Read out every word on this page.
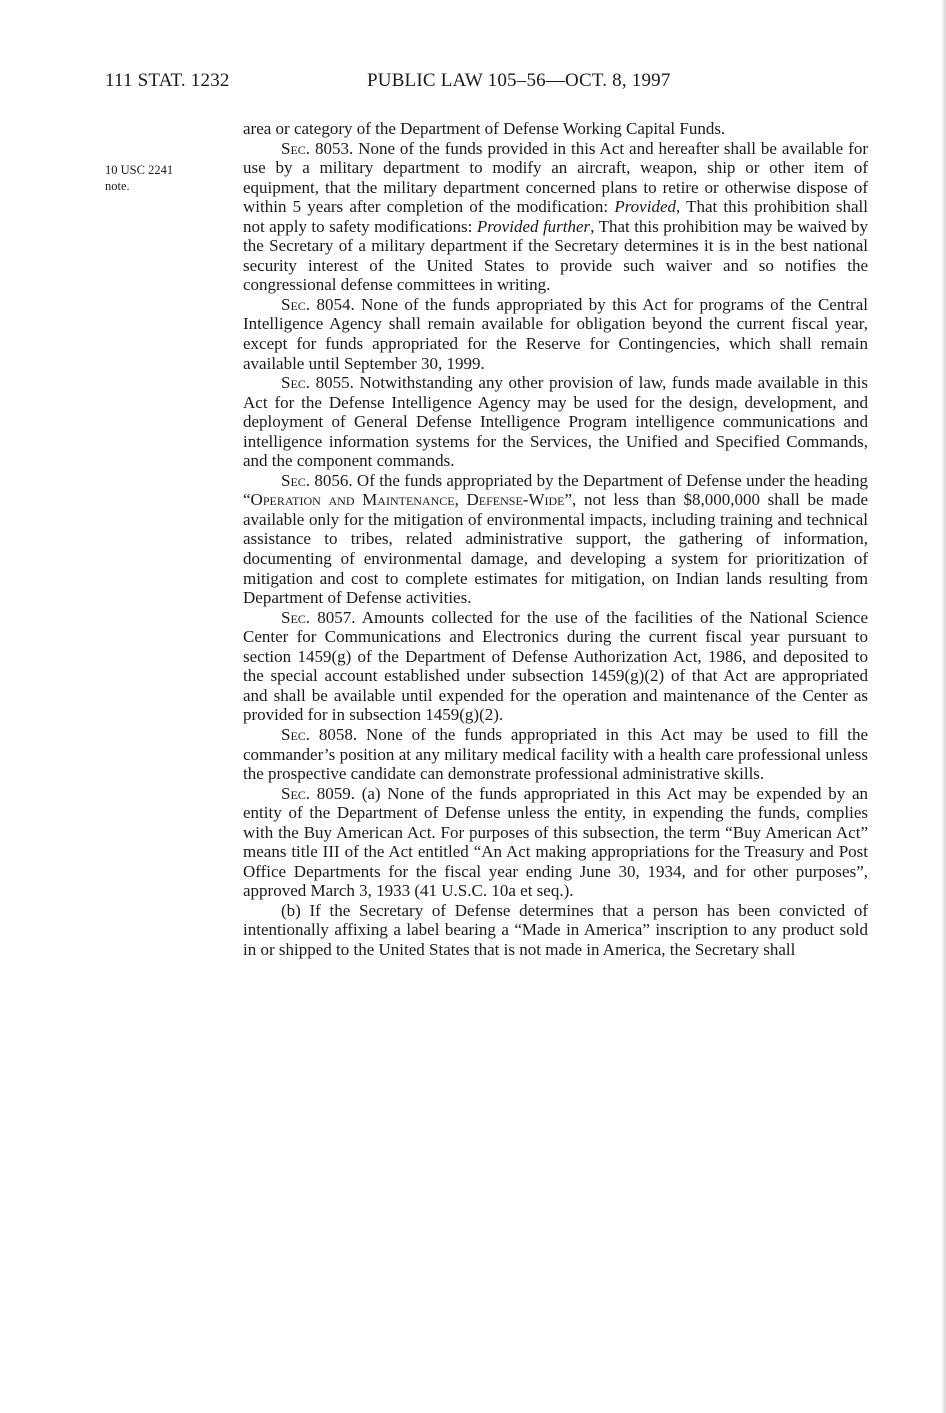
111 STAT. 1232	PUBLIC LAW 105–56—OCT. 8, 1997
10 USC 2241
note.

area or category of the Department of Defense Working Capital Funds.

Sec. 8053. None of the funds provided in this Act and hereafter shall be available for use by a military department to modify an aircraft, weapon, ship or other item of equipment, that the military department concerned plans to retire or otherwise dispose of within 5 years after completion of the modification: Provided, That this prohibition shall not apply to safety modifications: Provided further, That this prohibition may be waived by the Secretary of a military department if the Secretary determines it is in the best national security interest of the United States to provide such waiver and so notifies the congressional defense committees in writing.

Sec. 8054. None of the funds appropriated by this Act for programs of the Central Intelligence Agency shall remain available for obligation beyond the current fiscal year, except for funds appropriated for the Reserve for Contingencies, which shall remain available until September 30, 1999.

Sec. 8055. Notwithstanding any other provision of law, funds made available in this Act for the Defense Intelligence Agency may be used for the design, development, and deployment of General Defense Intelligence Program intelligence communications and intelligence information systems for the Services, the Unified and Specified Commands, and the component commands.

Sec. 8056. Of the funds appropriated by the Department of Defense under the heading “Operation and Maintenance, Defense-Wide”, not less than $8,000,000 shall be made available only for the mitigation of environmental impacts, including training and technical assistance to tribes, related administrative support, the gathering of information, documenting of environmental damage, and developing a system for prioritization of mitigation and cost to complete estimates for mitigation, on Indian lands resulting from Department of Defense activities.

Sec. 8057. Amounts collected for the use of the facilities of the National Science Center for Communications and Electronics during the current fiscal year pursuant to section 1459(g) of the Department of Defense Authorization Act, 1986, and deposited to the special account established under subsection 1459(g)(2) of that Act are appropriated and shall be available until expended for the operation and maintenance of the Center as provided for in subsection 1459(g)(2).

Sec. 8058. None of the funds appropriated in this Act may be used to fill the commander’s position at any military medical facility with a health care professional unless the prospective candidate can demonstrate professional administrative skills.

Sec. 8059. (a) None of the funds appropriated in this Act may be expended by an entity of the Department of Defense unless the entity, in expending the funds, complies with the Buy American Act. For purposes of this subsection, the term “Buy American Act” means title III of the Act entitled “An Act making appropriations for the Treasury and Post Office Departments for the fiscal year ending June 30, 1934, and for other purposes”, approved March 3, 1933 (41 U.S.C. 10a et seq.).

(b) If the Secretary of Defense determines that a person has been convicted of intentionally affixing a label bearing a “Made in America” inscription to any product sold in or shipped to the United States that is not made in America, the Secretary shall
